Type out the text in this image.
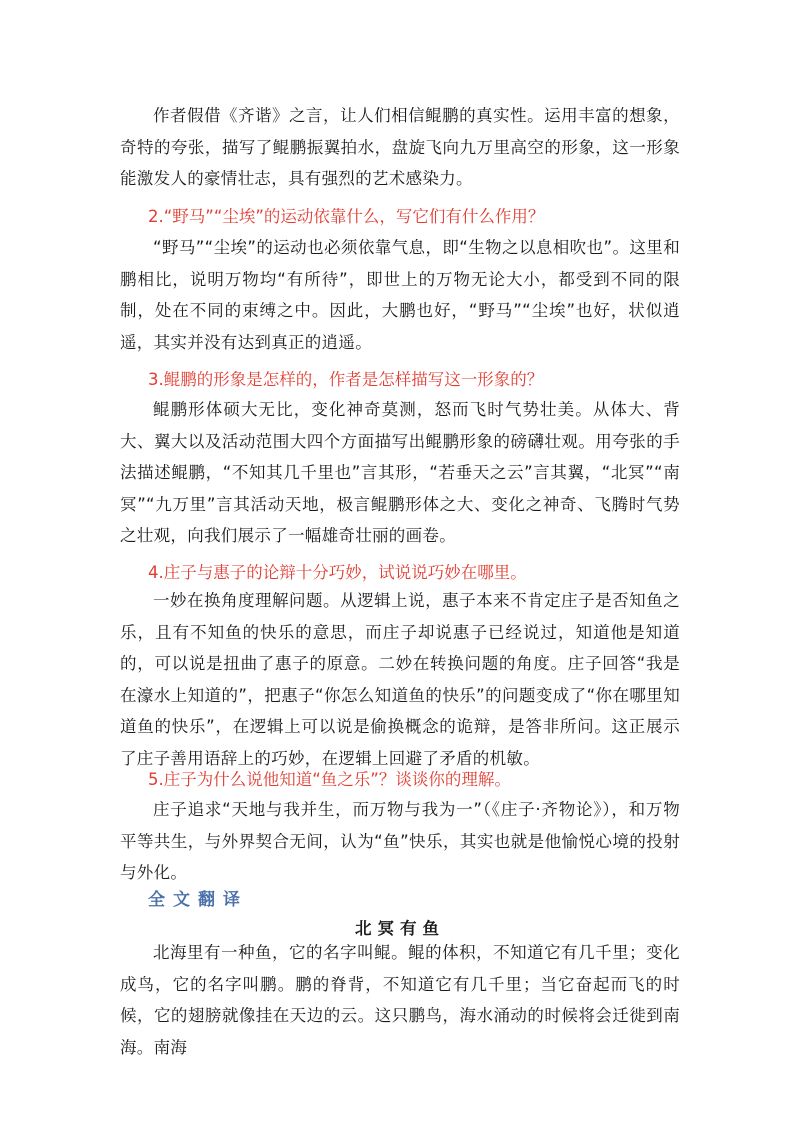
作者假借《齐谐》之言，让人们相信鲲鹏的真实性。运用丰富的想象，奇特的夸张，描写了鲲鹏振翼拍水，盘旋飞向九万里高空的形象，这一形象能激发人的豪情壮志，具有强烈的艺术感染力。

2.“野马”“尘埃”的运动依靠什么，写它们有什么作用？

“野马”“尘埃”的运动也必须依靠气息，即“生物之以息相吹也”。这里和鹏相比，说明万物均“有所待”，即世上的万物无论大小，都受到不同的限制，处在不同的束缚之中。因此，大鹏也好，“野马”“尘埃”也好，状似逍遥，其实并没有达到真正的逍遥。

3.鲲鹏的形象是怎样的，作者是怎样描写这一形象的？

鲲鹏形体硕大无比，变化神奇莫测，怒而飞时气势壮美。从体大、背大、翼大以及活动范围大四个方面描写出鲲鹏形象的磅礴壮观。用夸张的手法描述鲲鹏，“不知其几千里也”言其形，“若垂天之云”言其翼，“北冥”“南冥”“九万里”言其活动天地，极言鲲鹏形体之大、变化之神奇、飞腾时气势之壮观，向我们展示了一幅雄奇壮丽的画卷。

4.庄子与惠子的论辩十分巧妙，试说说巧妙在哪里。

一妙在换角度理解问题。从逻辑上说，惠子本来不肯定庄子是否知鱼之乐，且有不知鱼的快乐的意思，而庄子却说惠子已经说过，知道他是知道的，可以说是扭曲了惠子的原意。二妙在转换问题的角度。庄子回答“我是在濠水上知道的”，把惠子“你怎么知道鱼的快乐”的问题变成了“你在哪里知道鱼的快乐”，在逻辑上可以说是偷换概念的诡辩，是答非所问。这正展示了庄子善用语辞上的巧妙，在逻辑上回避了矛盾的机敏。

5.庄子为什么说他知道“鱼之乐”？谈谈你的理解。

庄子追求“天地与我并生，而万物与我为一”（《庄子·齐物论》），和万物平等共生，与外界契合无间，认为“鱼”快乐，其实也就是他愉悦心境的投射与外化。

全文翻译

北冥有鱼

北海里有一种鱼，它的名字叫鲲。鲲的体积，不知道它有几千里；变化成鸟，它的名字叫鹏。鹏的脊背，不知道它有几千里；当它奋起而飞的时候，它的翅膀就像挂在天边的云。这只鹏鸟，海水涌动的时候将会迁徙到南海。南海
